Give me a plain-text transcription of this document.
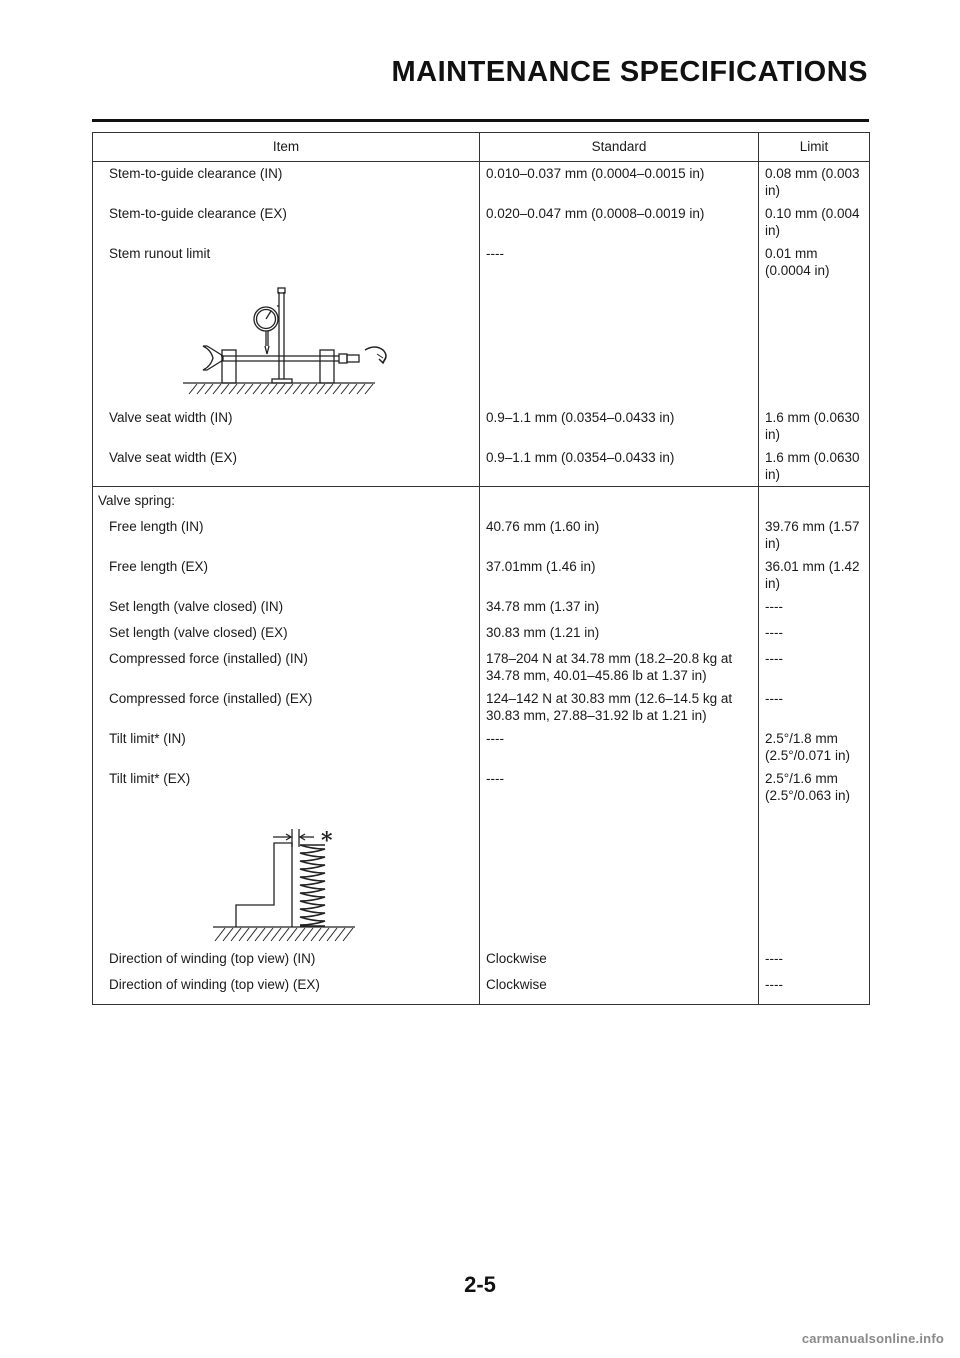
MAINTENANCE SPECIFICATIONS
Item	Standard	Limit
Stem-to-guide clearance (IN)	0.010–0.037 mm (0.0004–0.0015 in)	0.08 mm (0.003 in)
Stem-to-guide clearance (EX)	0.020–0.047 mm (0.0008–0.0019 in)	0.10 mm (0.004 in)
Stem runout limit	----	0.01 mm (0.0004 in)

Valve seat width (IN)	0.9–1.1 mm (0.0354–0.0433 in)	1.6 mm (0.0630 in)
Valve seat width (EX)	0.9–1.1 mm (0.0354–0.0433 in)	1.6 mm (0.0630 in)
Valve spring:		
Free length (IN)	40.76 mm (1.60 in)	39.76 mm (1.57 in)
Free length (EX)	37.01mm (1.46 in)	36.01 mm (1.42 in)
Set length (valve closed) (IN)	34.78 mm (1.37 in)	----
Set length (valve closed) (EX)	30.83 mm (1.21 in)	----
Compressed force (installed) (IN)	178–204 N at 34.78 mm (18.2–20.8 kg at 34.78 mm, 40.01–45.86 lb at 1.37 in)	----
Compressed force (installed) (EX)	124–142 N at 30.83 mm (12.6–14.5 kg at 30.83 mm, 27.88–31.92 lb at 1.21 in)	----
Tilt limit* (IN)	----	2.5°/1.8 mm (2.5°/0.071 in)
Tilt limit* (EX)	----	2.5°/1.6 mm (2.5°/0.063 in)

*		

Direction of winding (top view) (IN)	Clockwise	----
Direction of winding (top view) (EX)	Clockwise	----
2-5
carmanualsonline.info
